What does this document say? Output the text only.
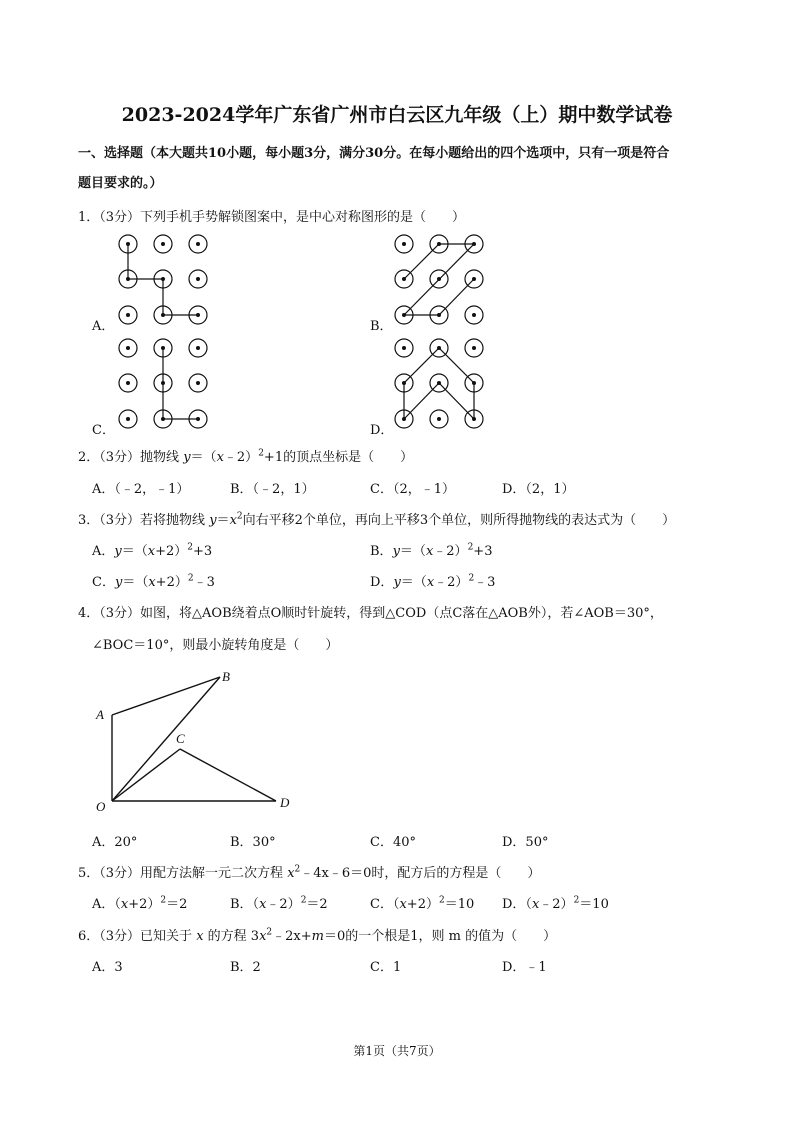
2023-2024学年广东省广州市白云区九年级（上）期中数学试卷
一、选择题（本大题共10小题，每小题3分，满分30分。在每小题给出的四个选项中，只有一项是符合
题目要求的。）
1．（3分）下列手机手势解锁图案中，是中心对称图形的是（　　）
A．	B．
C．	D．
2．（3分）抛物线 y＝（x﹣2）$^2$+1的顶点坐标是（　　）
A．（﹣2，﹣1）	B．（﹣2，1）	C．（2，﹣1）	D．（2，1）
3．（3分）若将抛物线 $y=x^2$向右平移2个单位，再向上平移3个单位，则所得抛物线的表达式为（　　）
A．$y=(x+2)^2+3$	B．y＝（x﹣2）$^2$+3
C．$y=(x+2)^2﹣3$	D．y＝（x﹣2）$^2$﹣3
4．（3分）如图，将△AOB绕着点O顺时针旋转，得到△COD（点C落在△AOB外），若∠AOB＝30°，
∠BOC＝10°，则最小旋转角度是（　　）
A
B
C
O	D
A．20°	B．30°	C．40°	D．50°
5．（3分）用配方法解一元二次方程 $x^2﹣4x﹣6=0$时，配方后的方程是（　　）
A．$(x+2)^2=2$	B．（x﹣2）$^2$＝2	C．$(x+2)^2=10$ D．（x﹣2）$^2$＝10
6．（3分）已知关于 x 的方程 $3x^2﹣2x+m=0$的一个根是1，则 m 的值为（　　）
A．3	B．2	C．1	D．﹣1
第1页（共7页）
